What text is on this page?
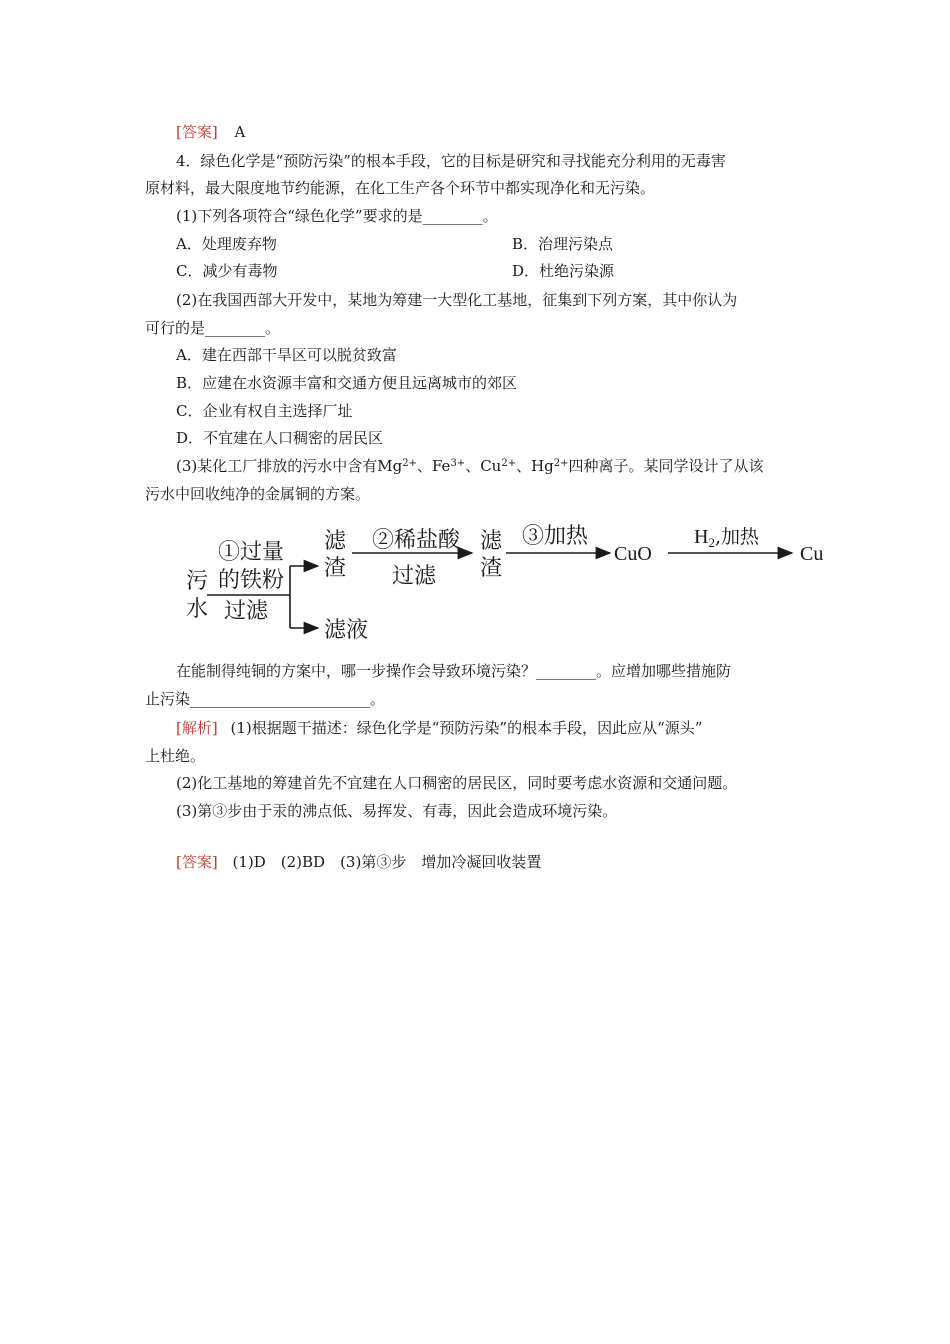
[答案] A
4．绿色化学是“预防污染”的根本手段，它的目标是研究和寻找能充分利用的无毒害
原材料，最大限度地节约能源，在化工生产各个环节中都实现净化和无污染。
(1)下列各项符合“绿色化学”要求的是________。
A．处理废弃物	B．治理污染点
C．减少有毒物	D．杜绝污染源
(2)在我国西部大开发中，某地为筹建一大型化工基地，征集到下列方案，其中你认为
可行的是________。
A．建在西部干旱区可以脱贫致富
B．应建在水资源丰富和交通方便且远离城市的郊区
C．企业有权自主选择厂址
D．不宜建在人口稠密的居民区
(3)某化工厂排放的污水中含有$Mg^{2+}$、$Fe^{3+}$、$Cu^{2+}$、$Hg^{2+}$四种离子。某同学设计了从该
污水中回收纯净的金属铜的方案。
污
水
①过量
的铁粉
过滤
滤
渣
滤液
②稀盐酸
过滤
滤
渣
③加热
CuO
$H_2$,加热
Cu
在能制得纯铜的方案中，哪一步操作会导致环境污染？________。应增加哪些措施防
止污染________________________。
[解析] (1)根据题干描述：绿色化学是“预防污染”的根本手段，因此应从“源头”
上杜绝。
(2)化工基地的筹建首先不宜建在人口稠密的居民区，同时要考虑水资源和交通问题。
(3)第③步由于汞的沸点低、易挥发、有毒，因此会造成环境污染。
[答案] (1)D　(2)BD　(3)第③步　增加冷凝回收装置
